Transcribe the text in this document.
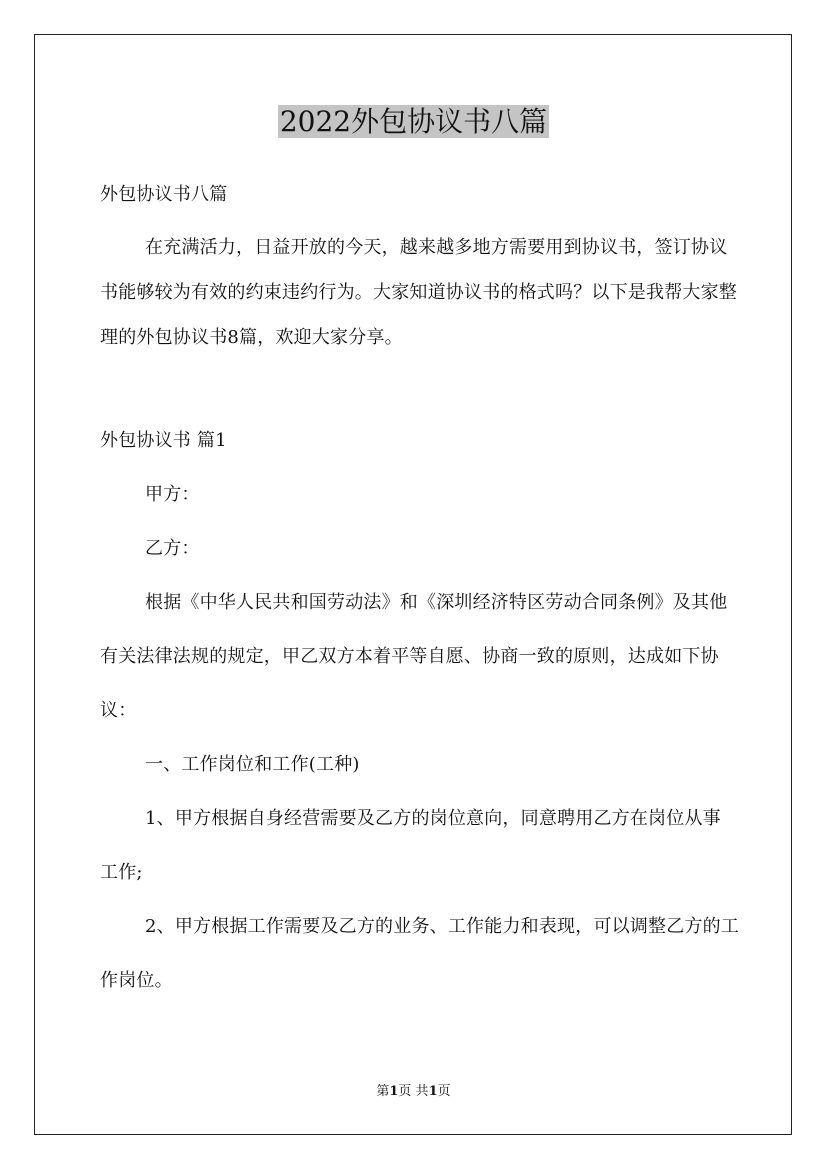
2022外包协议书八篇

外包协议书八篇

在充满活力，日益开放的今天，越来越多地方需要用到协议书，签订协议书能够较为有效的约束违约行为。大家知道协议书的格式吗？以下是我帮大家整理的外包协议书8篇，欢迎大家分享。

外包协议书 篇1

甲方：

乙方：

根据《中华人民共和国劳动法》和《深圳经济特区劳动合同条例》及其他有关法律法规的规定，甲乙双方本着平等自愿、协商一致的原则，达成如下协议：

一、工作岗位和工作(工种)

1、甲方根据自身经营需要及乙方的岗位意向，同意聘用乙方在岗位从事 工作;

2、甲方根据工作需要及乙方的业务、工作能力和表现，可以调整乙方的工作岗位。

第1页 共1页
